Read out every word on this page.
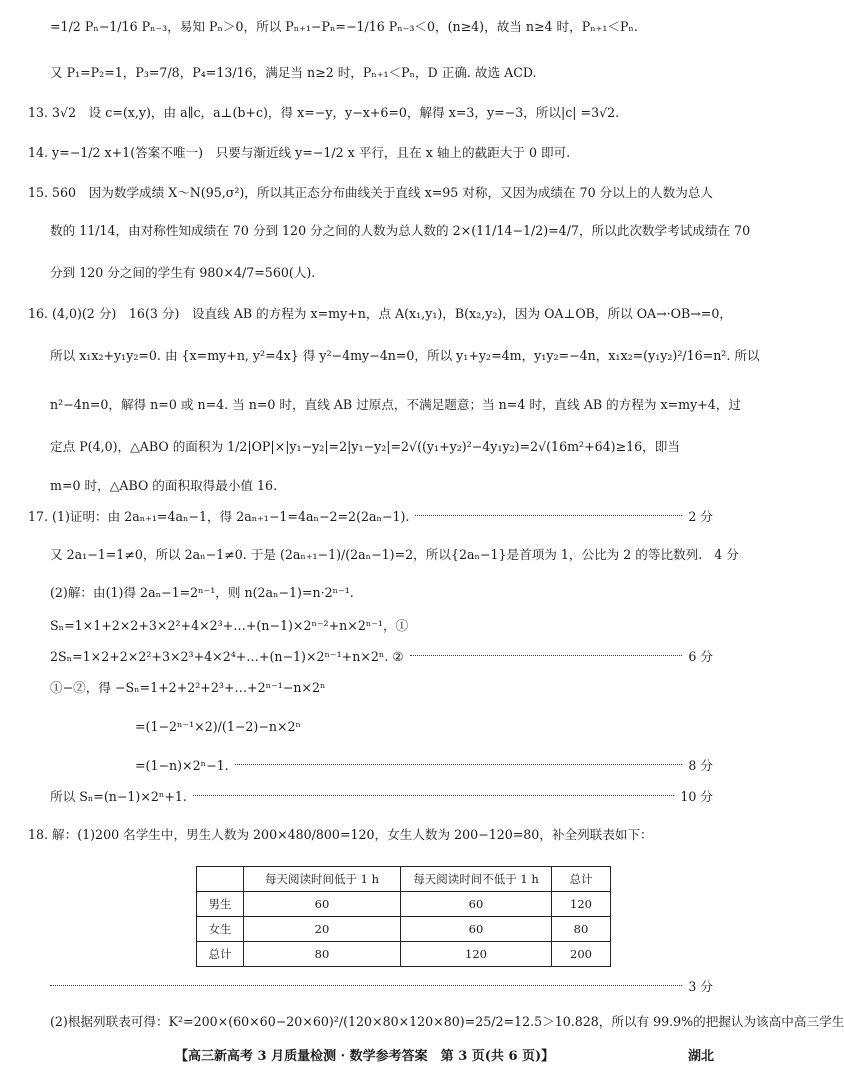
=1/2 Pₙ−1/16 Pₙ₋₃，易知 Pₙ＞0，所以 Pₙ₊₁−Pₙ=−1/16 Pₙ₋₃＜0，(n≥4)，故当 n≥4 时，Pₙ₊₁＜Pₙ.
又 P₁=P₂=1，P₃=7/8，P₄=13/16，满足当 n≥2 时，Pₙ₊₁＜Pₙ，D 正确. 故选 ACD.
13. 3√2　设 c=(x,y)，由 a∥c，a⊥(b+c)，得 x=−y，y−x+6=0，解得 x=3，y=−3，所以|c| =3√2.
14. y=−1/2 x+1(答案不唯一)　只要与渐近线 y=−1/2 x 平行，且在 x 轴上的截距大于 0 即可.
15. 560　因为数学成绩 X～N(95,σ²)，所以其正态分布曲线关于直线 x=95 对称，又因为成绩在 70 分以上的人数为总人
数的 11/14，由对称性知成绩在 70 分到 120 分之间的人数为总人数的 2×(11/14−1/2)=4/7，所以此次数学考试成绩在 70
分到 120 分之间的学生有 980×4/7=560(人).
16. (4,0)(2 分)　16(3 分)　设直线 AB 的方程为 x=my+n，点 A(x₁,y₁)，B(x₂,y₂)，因为 OA⊥OB，所以 OA→·OB→=0，
所以 x₁x₂+y₁y₂=0. 由 {x=my+n, y²=4x} 得 y²−4my−4n=0，所以 y₁+y₂=4m，y₁y₂=−4n，x₁x₂=(y₁y₂)²/16=n². 所以
n²−4n=0，解得 n=0 或 n=4. 当 n=0 时，直线 AB 过原点，不满足题意；当 n=4 时，直线 AB 的方程为 x=my+4，过
定点 P(4,0)，△ABO 的面积为 1/2|OP|×|y₁−y₂|=2|y₁−y₂|=2√((y₁+y₂)²−4y₁y₂)=2√(16m²+64)≥16，即当
m=0 时，△ABO 的面积取得最小值 16.
17. (1)证明：由 2aₙ₊₁=4aₙ−1，得 2aₙ₊₁−1=4aₙ−2=2(2aₙ−1).	2 分
又 2a₁−1=1≠0，所以 2aₙ−1≠0. 于是 (2aₙ₊₁−1)/(2aₙ−1)=2，所以{2aₙ−1}是首项为 1，公比为 2 的等比数列. 4 分
(2)解：由(1)得 2aₙ−1=2ⁿ⁻¹，则 n(2aₙ−1)=n·2ⁿ⁻¹.
Sₙ=1×1+2×2+3×2²+4×2³+…+(n−1)×2ⁿ⁻²+n×2ⁿ⁻¹，①
2Sₙ=1×2+2×2²+3×2³+4×2⁴+…+(n−1)×2ⁿ⁻¹+n×2ⁿ. ②	6 分
①−②，得 −Sₙ=1+2+2²+2³+…+2ⁿ⁻¹−n×2ⁿ
=(1−2ⁿ⁻¹×2)/(1−2)−n×2ⁿ
=(1−n)×2ⁿ−1.	8 分
所以 Sₙ=(n−1)×2ⁿ+1.	10 分
18. 解：(1)200 名学生中，男生人数为 200×480/800=120，女生人数为 200−120=80，补全列联表如下：
	每天阅读时间低于 1 h	每天阅读时间不低于 1 h	总计
男生	60	60	120
女生	20	60	80
总计	80	120	200
3 分
(2)根据列联表可得：K²=200×(60×60−20×60)²/(120×80×120×80)=25/2=12.5＞10.828，所以有 99.9%的把握认为该高中高三学生
【高三新高考 3 月质量检测 · 数学参考答案　第 3 页(共 6 页)】	湖北
